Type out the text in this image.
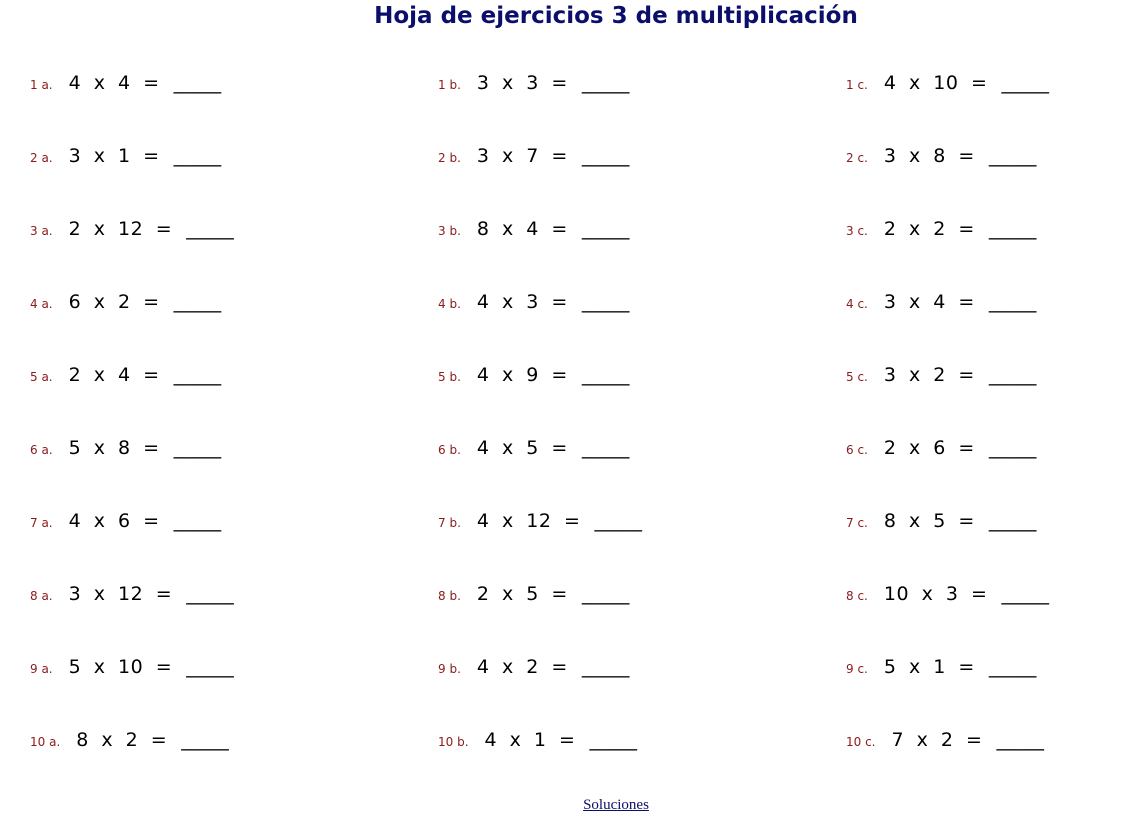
Hoja de ejercicios 3 de multiplicación
1 a. 4 x 4 = _____
2 a. 3 x 1 = _____
3 a. 2 x 12 = _____
4 a. 6 x 2 = _____
5 a. 2 x 4 = _____
6 a. 5 x 8 = _____
7 a. 4 x 6 = _____
8 a. 3 x 12 = _____
9 a. 5 x 10 = _____
10 a. 8 x 2 = _____
1 b. 3 x 3 = _____
2 b. 3 x 7 = _____
3 b. 8 x 4 = _____
4 b. 4 x 3 = _____
5 b. 4 x 9 = _____
6 b. 4 x 5 = _____
7 b. 4 x 12 = _____
8 b. 2 x 5 = _____
9 b. 4 x 2 = _____
10 b. 4 x 1 = _____
1 c. 4 x 10 = _____
2 c. 3 x 8 = _____
3 c. 2 x 2 = _____
4 c. 3 x 4 = _____
5 c. 3 x 2 = _____
6 c. 2 x 6 = _____
7 c. 8 x 5 = _____
8 c. 10 x 3 = _____
9 c. 5 x 1 = _____
10 c. 7 x 2 = _____
Soluciones
